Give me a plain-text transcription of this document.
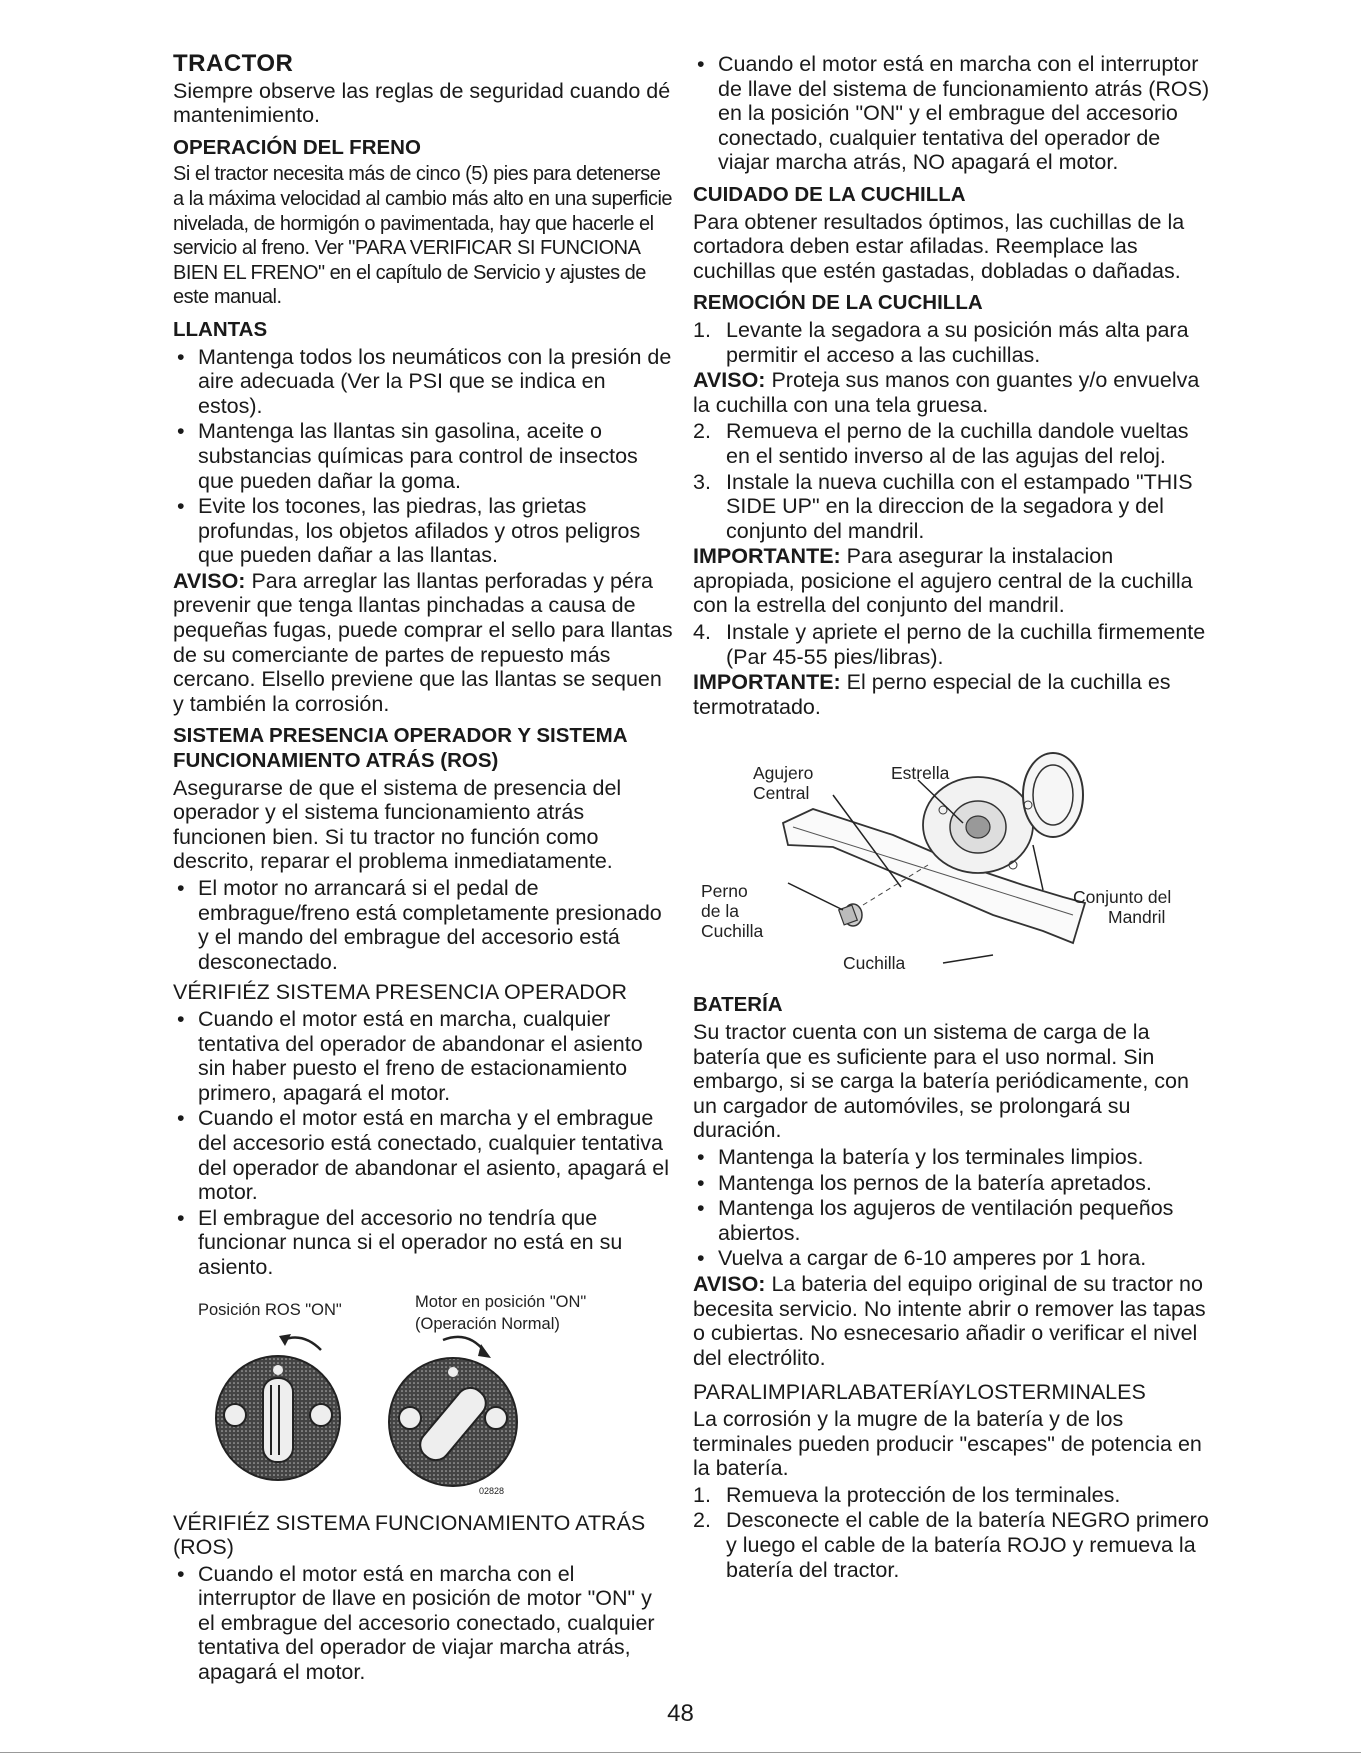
TRACTOR

Siempre observe las reglas de seguridad cuando dé mantenimiento.

OPERACIÓN DEL FRENO

Si el tractor necesita más de cinco (5) pies para detenerse a la máxima velocidad al cambio más alto en una superficie nivelada, de hormigón o pavimentada, hay que hacerle el servicio al freno. Ver "PARA VERIFICAR SI FUNCIONA BIEN EL FRENO" en el capítulo de Servicio y ajustes de este manual.

LLANTAS
• Mantenga todos los neumáticos con la presión de aire adecuada (Ver la PSI que se indica en estos).
• Mantenga las llantas sin gasolina, aceite o substancias químicas para control de insectos que pueden dañar la goma.
• Evite los tocones, las piedras, las grietas profundas, los objetos afilados y otros peligros que pueden dañar a las llantas.

AVISO: Para arreglar las llantas perforadas y péra prevenir que tenga llantas pinchadas a causa de pequeñas fugas, puede comprar el sello para llantas de su comerciante de partes de repuesto más cercano. Elsello previene que las llantas se sequen y también la corrosión.

SISTEMA PRESENCIA OPERADOR Y SISTEMA FUNCIONAMIENTO ATRÁS (ROS)

Asegurarse de que el sistema de presencia del operador y el sistema funcionamiento atrás funcionen bien. Si tu tractor no función como descrito, reparar el problema inmediatamente.

• El motor no arrancará si el pedal de embrague/freno está completamente presionado y el mando del embrague del accesorio está desconectado.
VÉRIFIÉZ SISTEMA PRESENCIA OPERADOR
• Cuando el motor está en marcha, cualquier tentativa del operador de abandonar el asiento sin haber puesto el freno de estacionamiento primero, apagará el motor.
• Cuando el motor está en marcha y el embrague del accesorio está conectado, cualquier tentativa del operador de abandonar el asiento, apagará el motor.
• El embrague del accesorio no tendría que funcionar nunca si el operador no está en su asiento.
Posición ROS "ON"	Motor en posición "ON"
(Operación Normal)
02828
VÉRIFIÉZ SISTEMA FUNCIONAMIENTO ATRÁS (ROS)
• Cuando el motor está en marcha con el interruptor de llave en posición de motor "ON" y el embrague del accesorio conectado, cualquier tentativa del operador de viajar marcha atrás, apagará el motor.
• Cuando el motor está en marcha con el interruptor de llave del sistema de funcionamiento atrás (ROS) en la posición "ON" y el embrague del accesorio conectado, cualquier tentativa del operador de viajar marcha atrás, NO apagará el motor.
CUIDADO DE LA CUCHILLA

Para obtener resultados óptimos, las cuchillas de la cortadora deben estar afiladas. Reemplace las cuchillas que estén gastadas, dobladas o dañadas.

REMOCIÓN DE LA CUCHILLA
1. Levante la segadora a su posición más alta para permitir el acceso a las cuchillas.

AVISO: Proteja sus manos con guantes y/o envuelva la cuchilla con una tela gruesa.

2. Remueva el perno de la cuchilla dandole vueltas en el sentido inverso al de las agujas del reloj.
3. Instale la nueva cuchilla con el estampado "THIS SIDE UP" en la direccion de la segadora y del conjunto del mandril.

IMPORTANTE: Para asegurar la instalacion apropiada, posicione el agujero central de la cuchilla con la estrella del conjunto del mandril.

4. Instale y apriete el perno de la cuchilla firmemente (Par 45-55 pies/libras).

IMPORTANTE: El perno especial de la cuchilla es termotratado.

Agujero
Central
Estrella
Perno
de la
Cuchilla
Conjunto del
Mandril
Cuchilla
BATERÍA

Su tractor cuenta con un sistema de carga de la batería que es suficiente para el uso normal. Sin embargo, si se carga la batería periódicamente, con un cargador de automóviles, se prolongará su duración.

• Mantenga la batería y los terminales limpios.
• Mantenga los pernos de la batería apretados.
• Mantenga los agujeros de ventilación pequeños abiertos.
• Vuelva a cargar de 6-10 amperes por 1 hora.

AVISO: La bateria del equipo original de su tractor no becesita servicio. No intente abrir o remover las tapas o cubiertas. No esnecesario añadir o verificar el nivel del electrólito.

PARALIMPIARLABATERÍAYLOSTERMINALES

La corrosión y la mugre de la batería y de los terminales pueden producir "escapes" de potencia en la batería.

1. Remueva la protección de los terminales.
2. Desconecte el cable de la batería NEGRO primero y luego el cable de la batería ROJO y remueva la batería del tractor.
48
